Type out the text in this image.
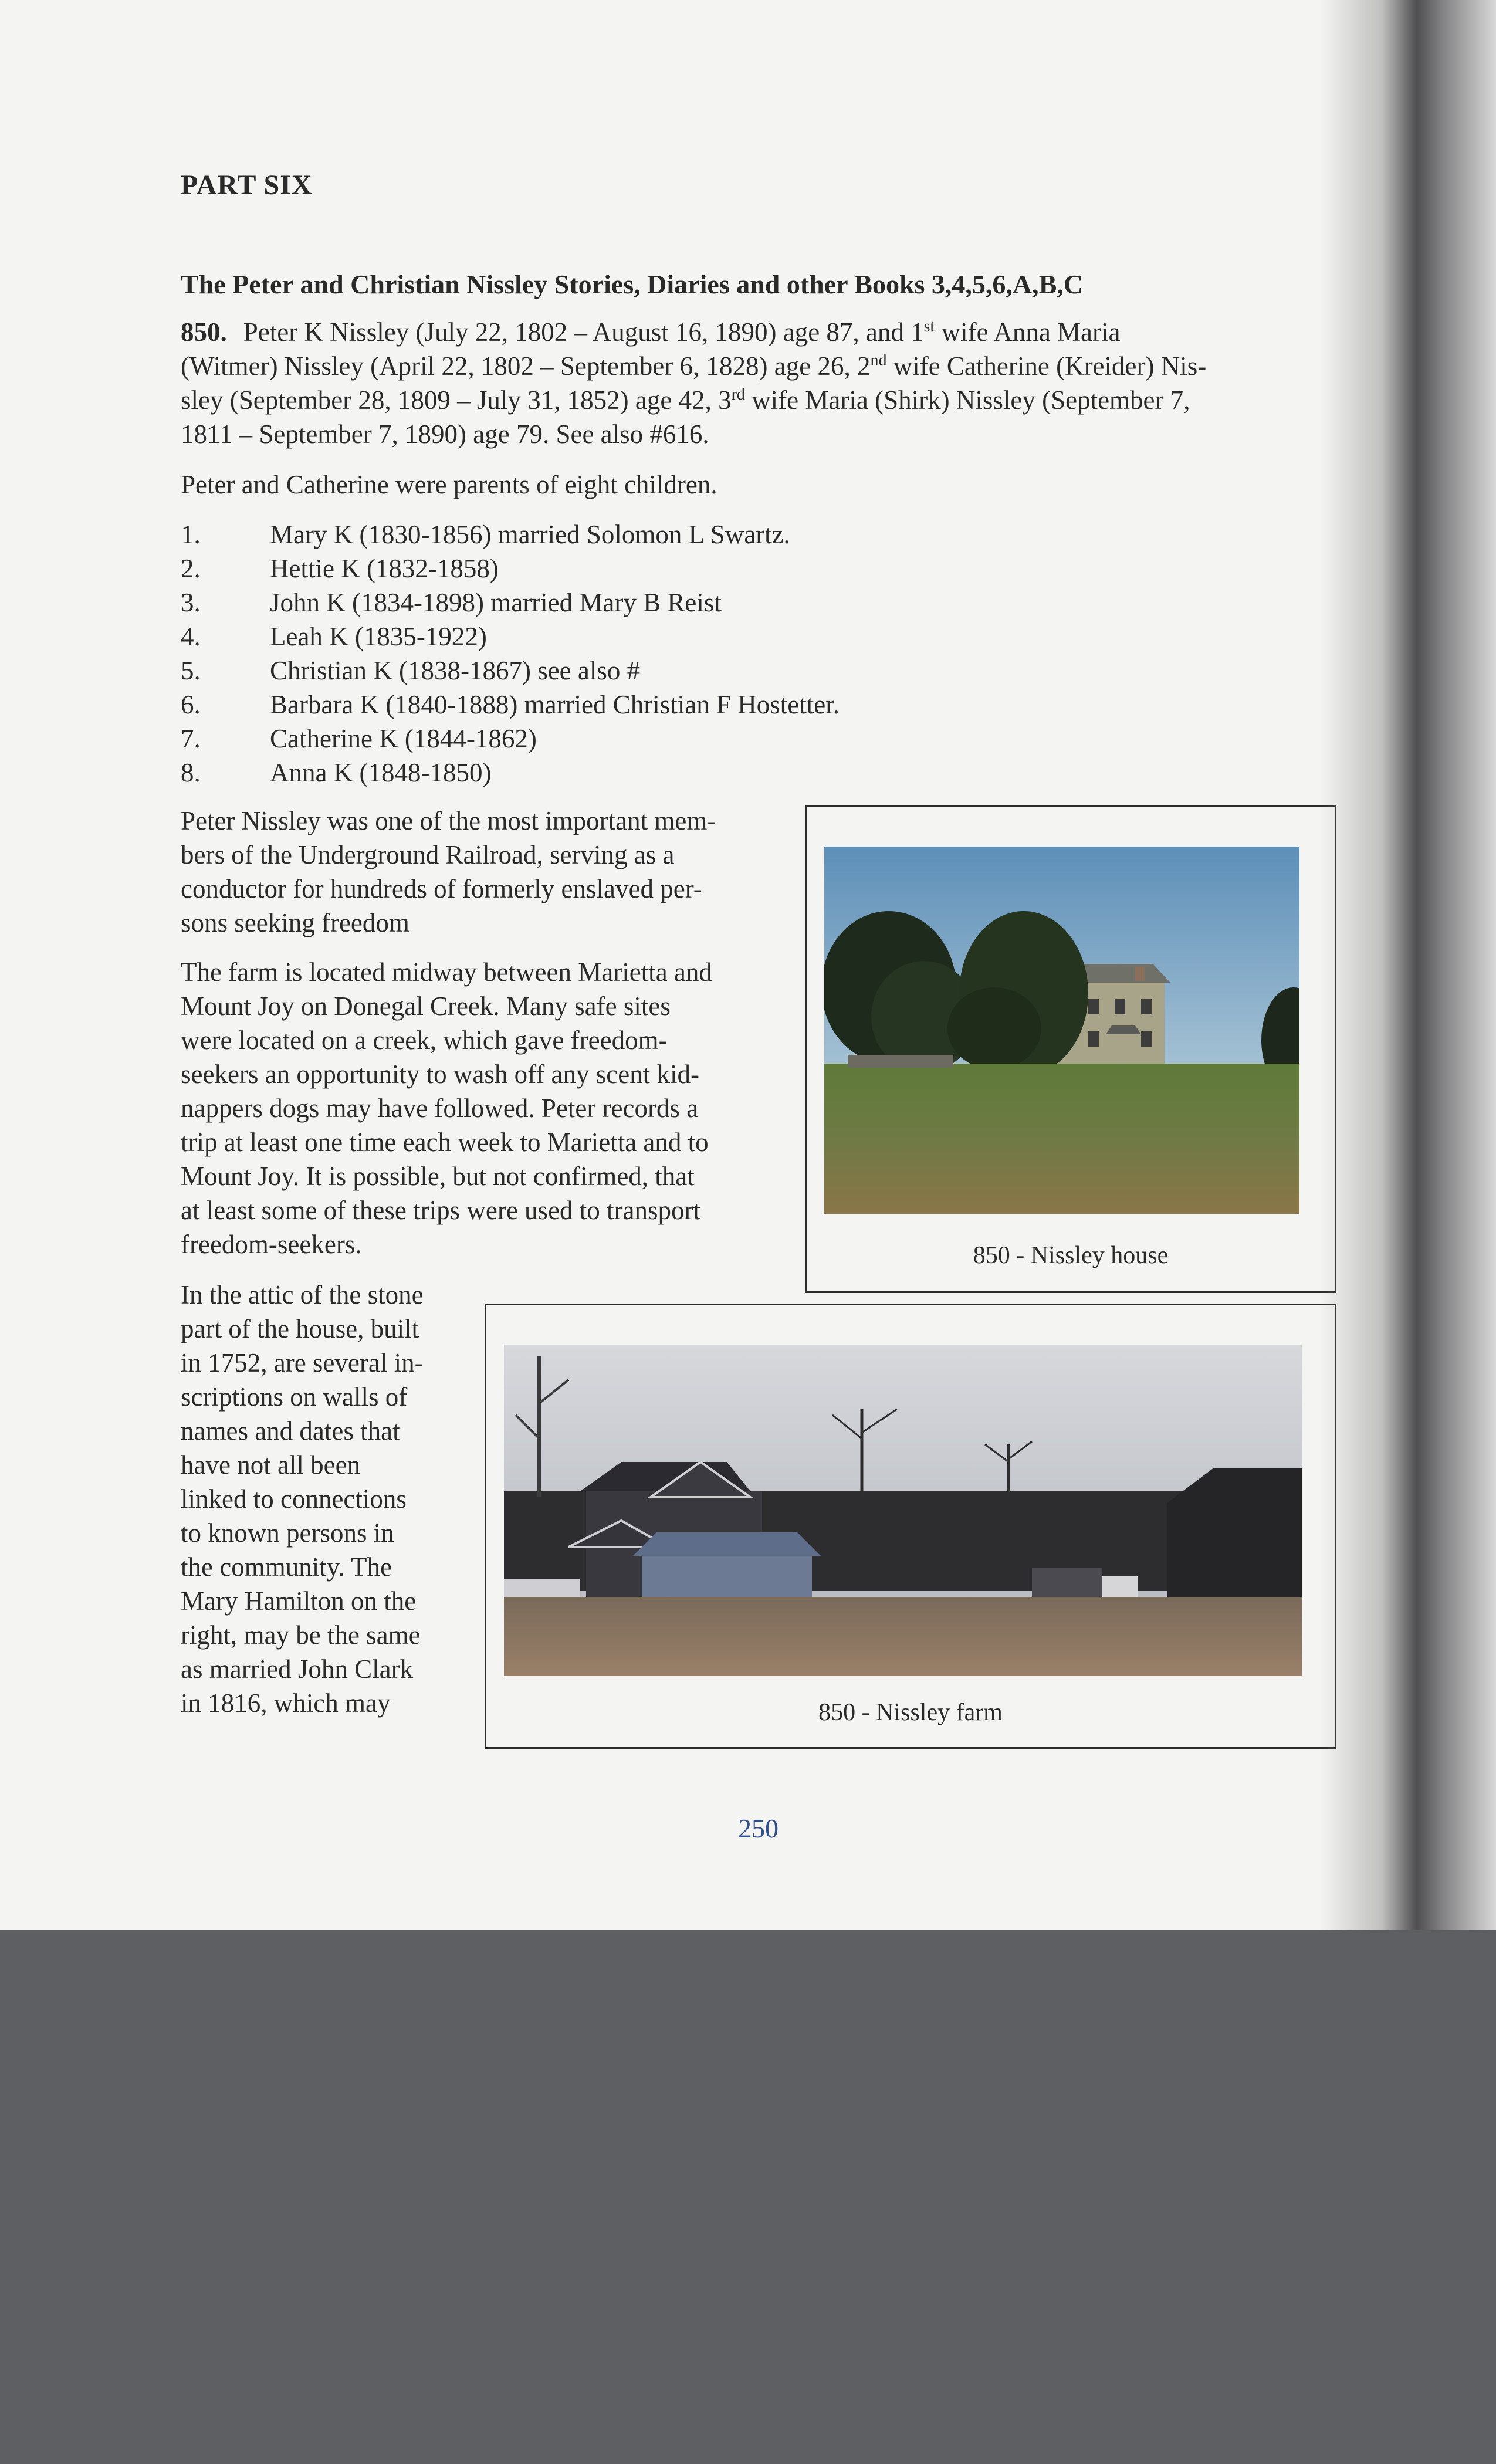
PART SIX
The Peter and Christian Nissley Stories, Diaries and other Books 3,4,5,6,A,B,C
850. Peter K Nissley (July 22, 1802 – August 16, 1890) age 87, and 1st wife Anna Maria
(Witmer) Nissley (April 22, 1802 – September 6, 1828) age 26, 2nd wife Catherine (Kreider) Nis-
sley (September 28, 1809 – July 31, 1852) age 42, 3rd wife Maria (Shirk) Nissley (September 7,
1811 – September 7, 1890) age 79. See also #616.
Peter and Catherine were parents of eight children.
1.	Mary K (1830-1856) married Solomon L Swartz.
2.	Hettie K (1832-1858)
3.	John K (1834-1898) married Mary B Reist
4.	Leah K (1835-1922)
5.	Christian K (1838-1867) see also #
6.	Barbara K (1840-1888) married Christian F Hostetter.
7.	Catherine K (1844-1862)
8.	Anna K (1848-1850)
Peter Nissley was one of the most important mem-
bers of the Underground Railroad, serving as a
conductor for hundreds of formerly enslaved per-
sons seeking freedom
The farm is located midway between Marietta and
Mount Joy on Donegal Creek. Many safe sites
were located on a creek, which gave freedom-
seekers an opportunity to wash off any scent kid-
nappers dogs may have followed. Peter records a
trip at least one time each week to Marietta and to
Mount Joy. It is possible, but not confirmed, that
at least some of these trips were used to transport
freedom-seekers.
In the attic of the stone
part of the house, built
in 1752, are several in-
scriptions on walls of
names and dates that
have not all been
linked to connections
to known persons in
the community. The
Mary Hamilton on the
right, may be the same
as married John Clark
in 1816, which may
850 - Nissley house
850 - Nissley farm
250
